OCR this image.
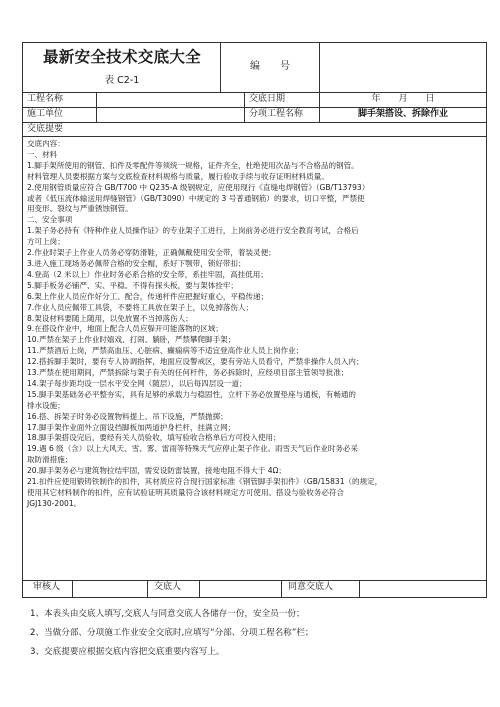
最新安全技术交底大全
表 C2-1
编　　号
工程名称	交底日期	年　　月　　日
施工单位	分项工程名称	脚手架搭设、拆除作业
交底提要
交底内容：
一、材料
1.脚手架所使用的钢管、扣件及零配件等须统一规格，证件齐全，杜绝使用次品与不合格品的钢管。
材料管理人员要根据方案与交底检查材料规格与质量，履行验收手续与收存证明材料质量。
2.使用钢管质量应符合 GB/T700 中 Q235-A 级钢规定，应使用现行《直缝电焊钢管》（GB/T13793）
或者《低压流体输送用焊缝钢管》（GB/T3090）中规定的 3 号普通钢筋）的要求，切口平整，严禁使
用变形、裂纹与严重锈蚀钢管。
二、安全事项
1.架子务必持有《特种作业人员操作证》的专业架子工进行，上岗前务必进行安全教育考试，合格后
方可上岗；
2.作业时架子上作业人员务必穿防滑鞋，正确佩戴使用安全带，着装灵便；
3.进入施工现场务必佩带合格的安全帽，系好下颚带，锁好带扣；
4.登高（2 米以上）作业时务必系合格的安全带，系挂牢固，高挂低用；
5.脚手板务必铺严、实、平稳。不得有探头板，要与架体拴牢；
6.架上作业人员应作好分工、配合，传递杆件应把握好重心，平稳传递；
7.作业人员应佩带工具袋，不要将工具放在架子上，以免掉落伤人；
8.架设材料要随上随用，以免放置不当掉落伤人；
9.在搭设作业中，地面上配合人员应躲开可能落物的区域；
10.严禁在架子上作业时嬉戏、打闹、躺卧，严禁攀爬脚手架；
11.严禁酒后上岗，严禁高血压、心脏病、癫痫病等不适宜登高作业人员上岗作业；
12.搭拆脚手架时，要有专人协调指挥，地面应设警戒区，要有旁站人员看守，严禁非操作人员入内；
13.严禁在使用期间，严禁拆除与架子有关的任何杆件，务必拆除时，应经项目部主管领导批准；
14.架子每步距均设一层水平安全网（随层），以后每四层设一道；
15.脚手架基础务必平整夯实，具有足够的承载力与稳固性，立杆下务必放置垫座与通板，有畅通的
排水设施；
16.搭、拆架子时务必设置物料提上、吊下设施，严禁抛掷；
17.脚手架作业面外立面设挡脚板加两道护身栏杆，挂满立网；
18.脚手架搭设完后，要经有关人员验收，填写验收合格单后方可投入使用；
19.遇 6 级（含）以上大风天、雪、雾、雷雨等特殊天气应停止架子作业。雨雪天气后作业时务必采
取防滑措施；
20.脚手架务必与建筑物拉结牢固，需安设防雷装置，接地电阻不得大于 4Ω；
21.扣件应使用锻铸铁制作的扣件，其材质应符合现行国家标准《钢管脚手架扣件》（GB/15831（的规定，
使用其它材料制作的扣件，应有试验证明其质量符合该材料规定方可使用。搭设与验收务必符合
JGJ130-2001。
审核人	交底人	同意交底人
1、本表头由交底人填写,交底人与同意交底人各储存一份，安全员一份；
2、当做分部、分项施工作业安全交底时,应填写“分部、分项工程名称”栏；
3、交底提要应根据交底内容把交底重要内容写上。
